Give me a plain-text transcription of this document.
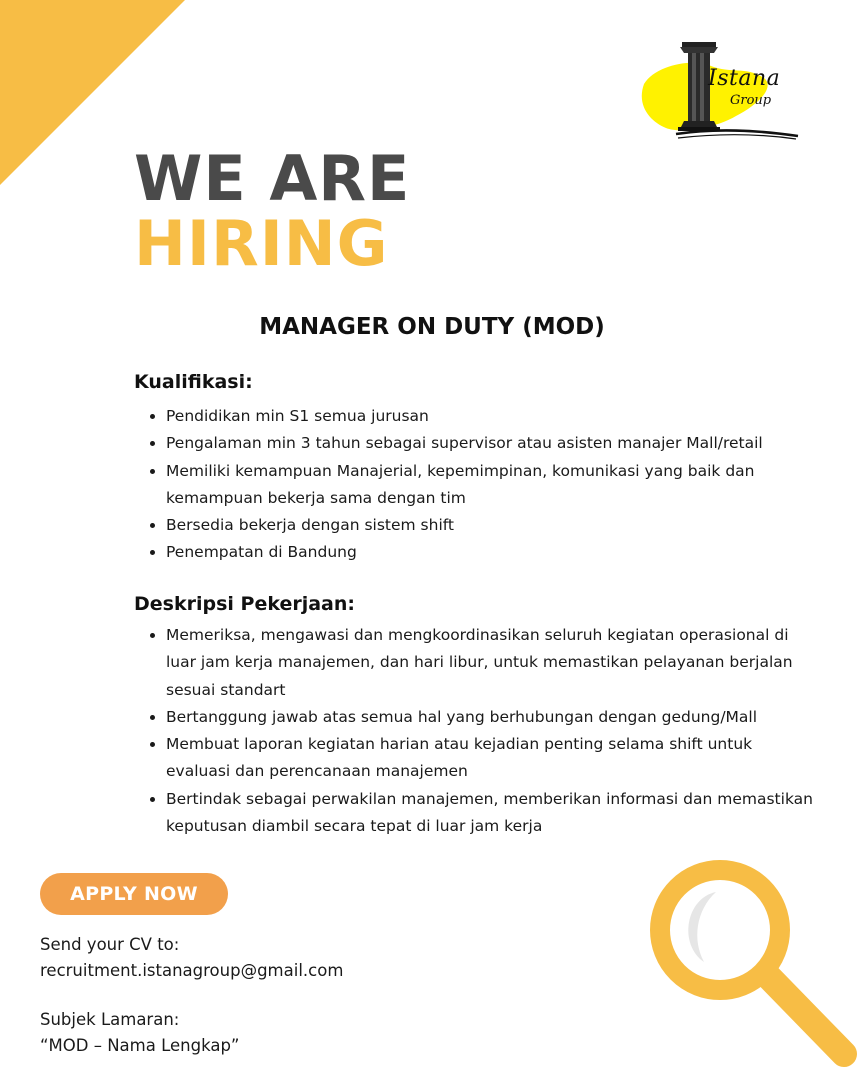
Istana
Group
WE ARE
HIRING
MANAGER ON DUTY (MOD)
Kualifikasi:
• Pendidikan min S1 semua jurusan
• Pengalaman min 3 tahun sebagai supervisor atau asisten manajer Mall/retail
• Memiliki kemampuan Manajerial, kepemimpinan, komunikasi yang baik dan kemampuan bekerja sama dengan tim
• Bersedia bekerja dengan sistem shift
• Penempatan di Bandung
Deskripsi Pekerjaan:
• Memeriksa, mengawasi dan mengkoordinasikan seluruh kegiatan operasional di luar jam kerja manajemen, dan hari libur, untuk memastikan pelayanan berjalan sesuai standart
• Bertanggung jawab atas semua hal yang berhubungan dengan gedung/Mall
• Membuat laporan kegiatan harian atau kejadian penting selama shift untuk evaluasi dan perencanaan manajemen
• Bertindak sebagai perwakilan manajemen, memberikan informasi dan memastikan keputusan diambil secara tepat di luar jam kerja
APPLY NOW

Send your CV to:

recruitment.istanagroup@gmail.com

Subjek Lamaran:

“MOD – Nama Lengkap”
